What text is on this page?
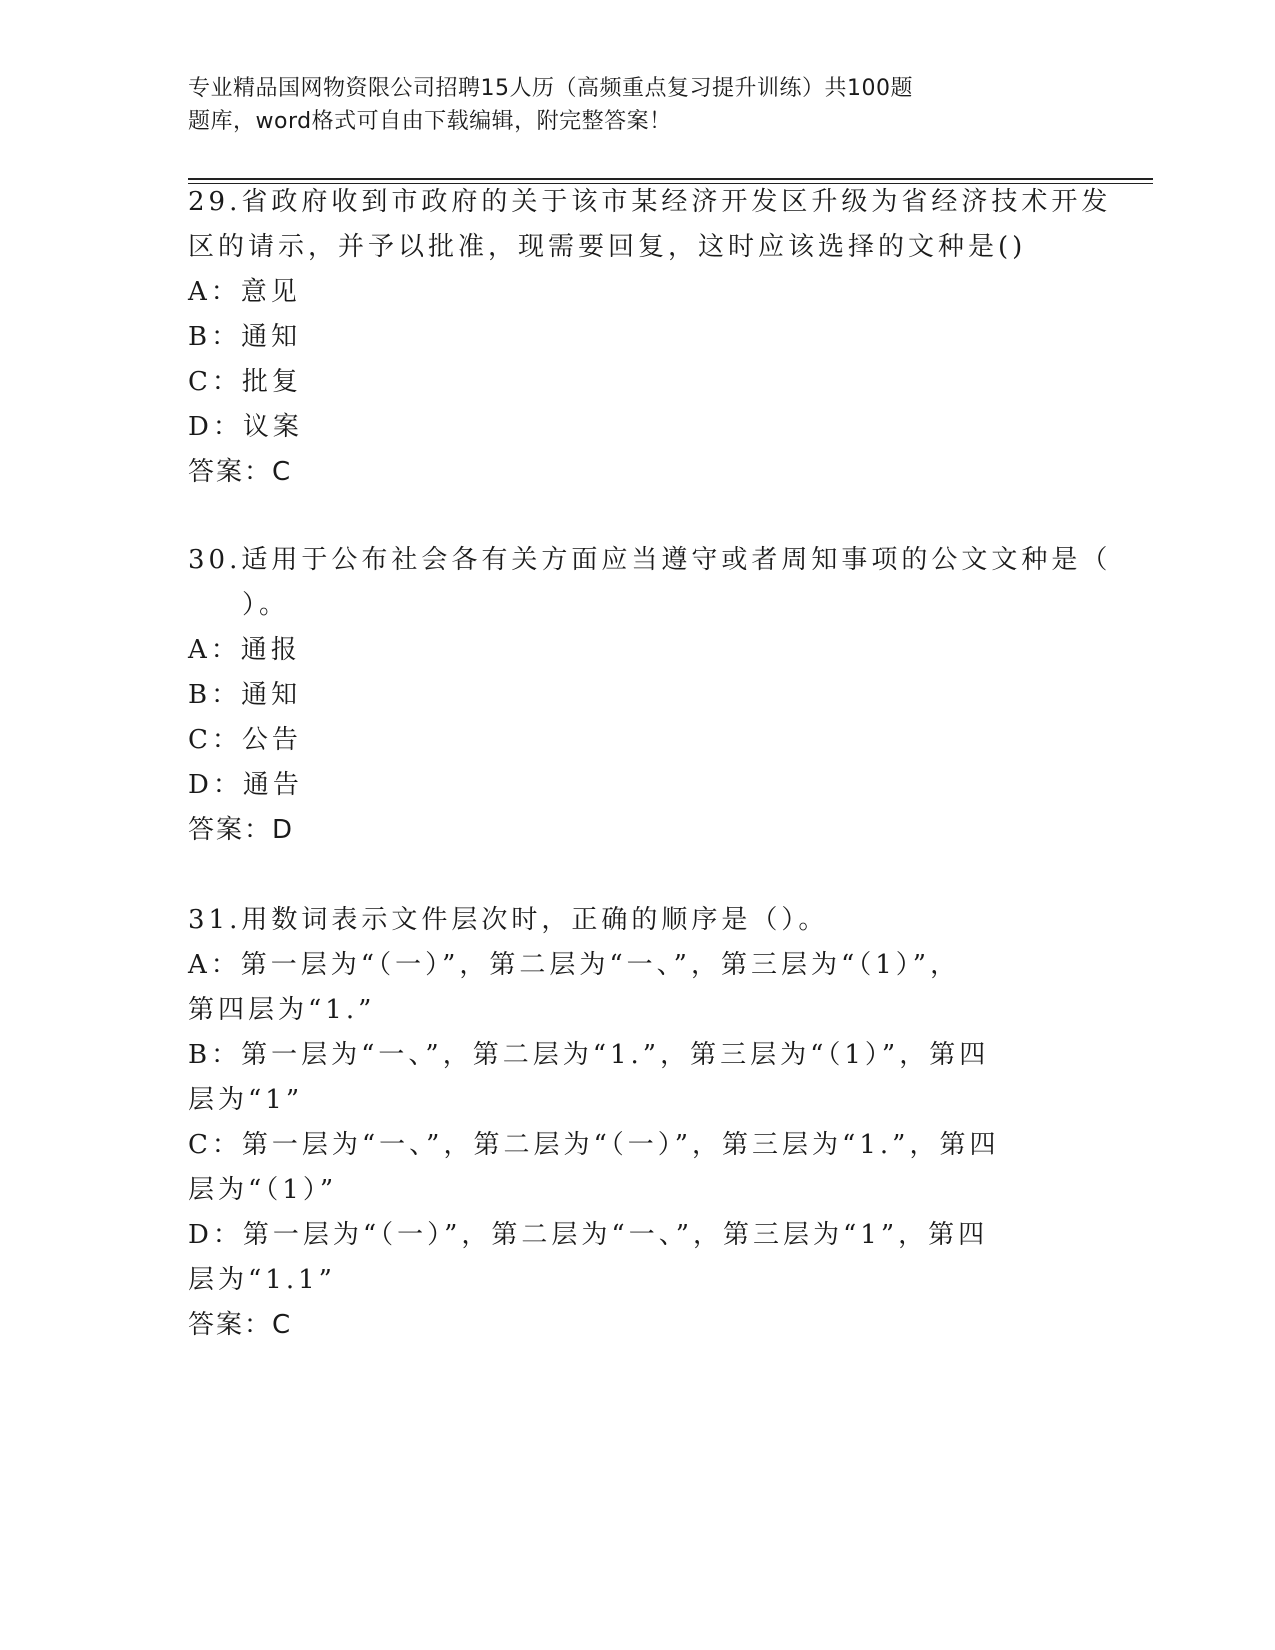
专业精品国网物资限公司招聘15人历（高频重点复习提升训练）共100题
题库，word格式可自由下载编辑，附完整答案！
29.省政府收到市政府的关于该市某经济开发区升级为省经济技术开发
区的请示，并予以批准，现需要回复，这时应该选择的文种是()
A：意见
B：通知
C：批复
D：议案
答案：C
30.适用于公布社会各有关方面应当遵守或者周知事项的公文文种是（
）。
A：通报
B：通知
C：公告
D：通告
答案：D
31.用数词表示文件层次时，正确的顺序是（）。
A：第一层为“（一）”，第二层为“一、”，第三层为“（1）”，
第四层为“1.”
B：第一层为“一、”，第二层为“1.”，第三层为“（1）”，第四
层为“1”
C：第一层为“一、”，第二层为“（一）”，第三层为“1.”，第四
层为“（1）”
D：第一层为“（一）”，第二层为“一、”，第三层为“1”，第四
层为“1.1”
答案：C
